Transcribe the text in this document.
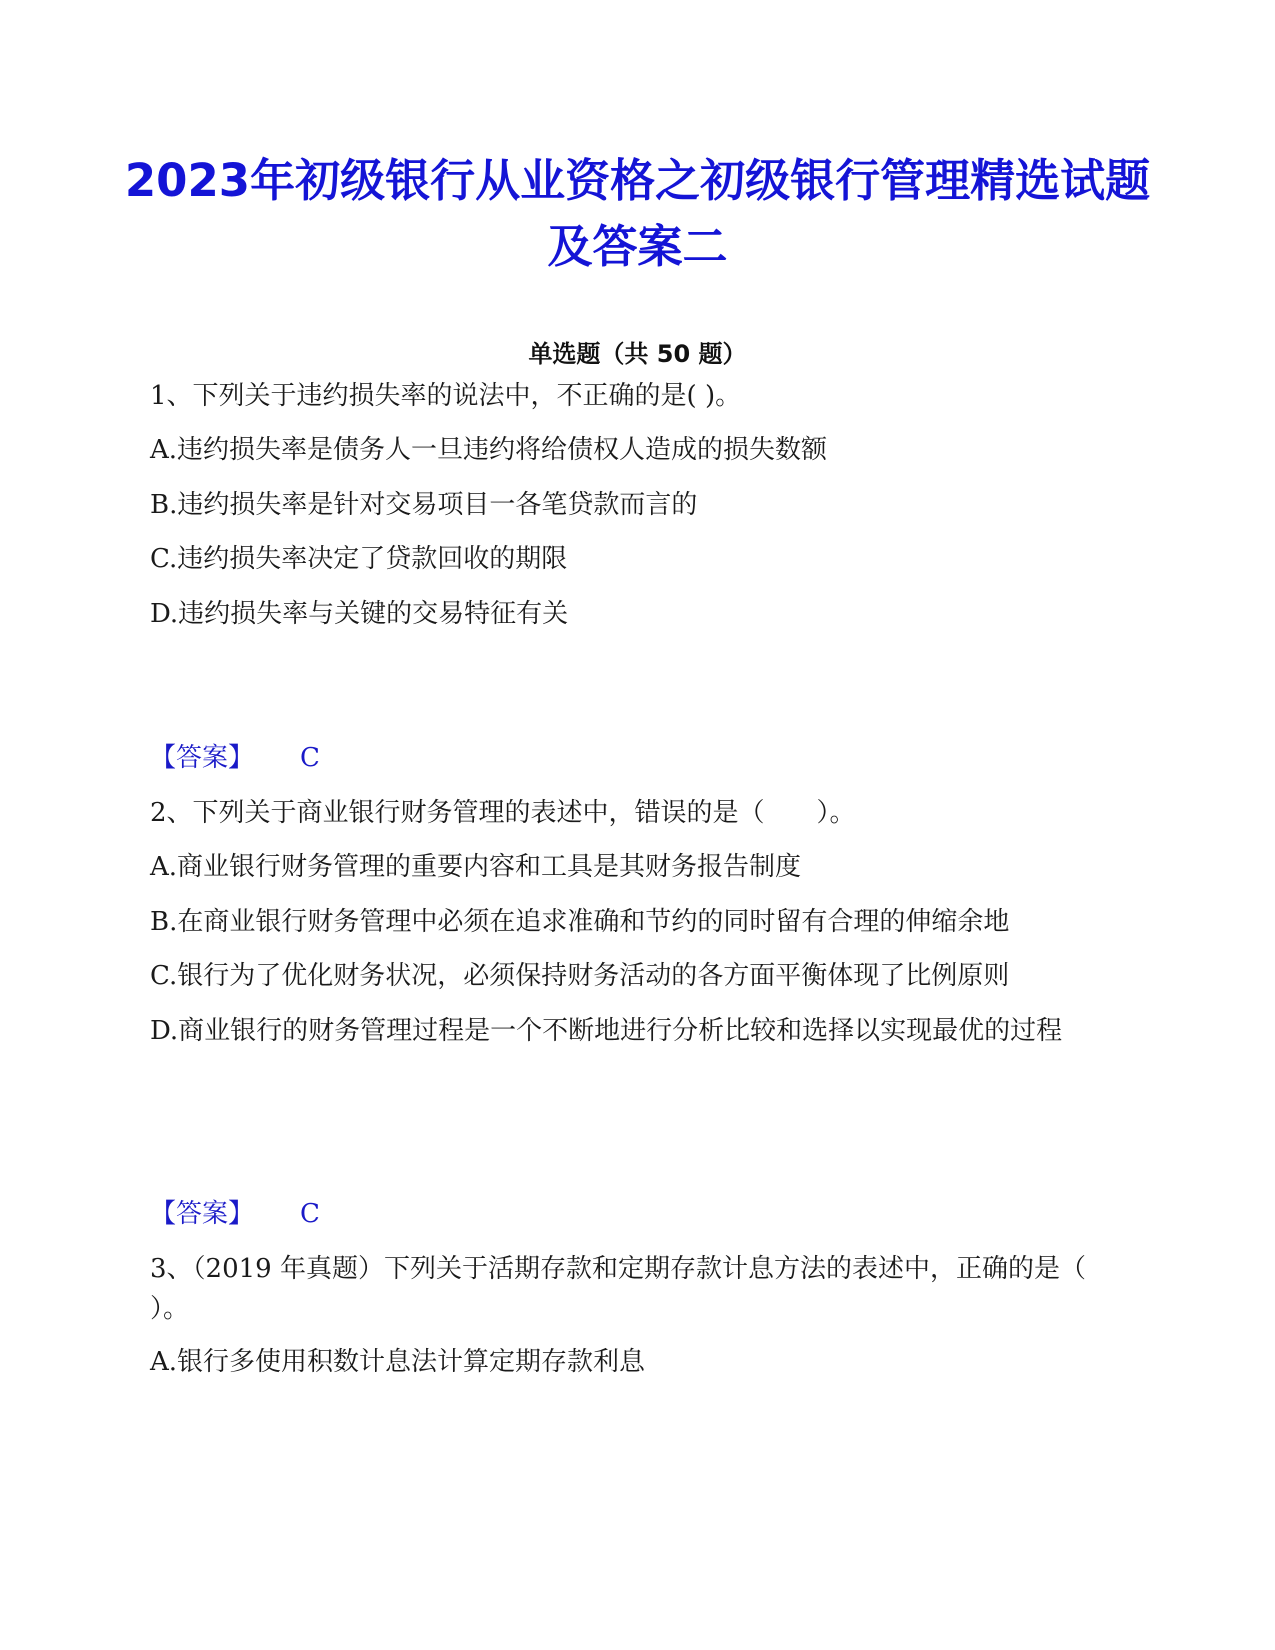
2023年初级银行从业资格之初级银行管理精选试题及答案二
单选题（共 50 题）
1、下列关于违约损失率的说法中，不正确的是( )。
A.违约损失率是债务人一旦违约将给债权人造成的损失数额
B.违约损失率是针对交易项目一各笔贷款而言的
C.违约损失率决定了贷款回收的期限
D.违约损失率与关键的交易特征有关
【答案】 C
2、下列关于商业银行财务管理的表述中，错误的是（　　）。
A.商业银行财务管理的重要内容和工具是其财务报告制度
B.在商业银行财务管理中必须在追求准确和节约的同时留有合理的伸缩余地
C.银行为了优化财务状况，必须保持财务活动的各方面平衡体现了比例原则
D.商业银行的财务管理过程是一个不断地进行分析比较和选择以实现最优的过程
【答案】 C
3、（2019 年真题）下列关于活期存款和定期存款计息方法的表述中，正确的是（ ）。
A.银行多使用积数计息法计算定期存款利息
